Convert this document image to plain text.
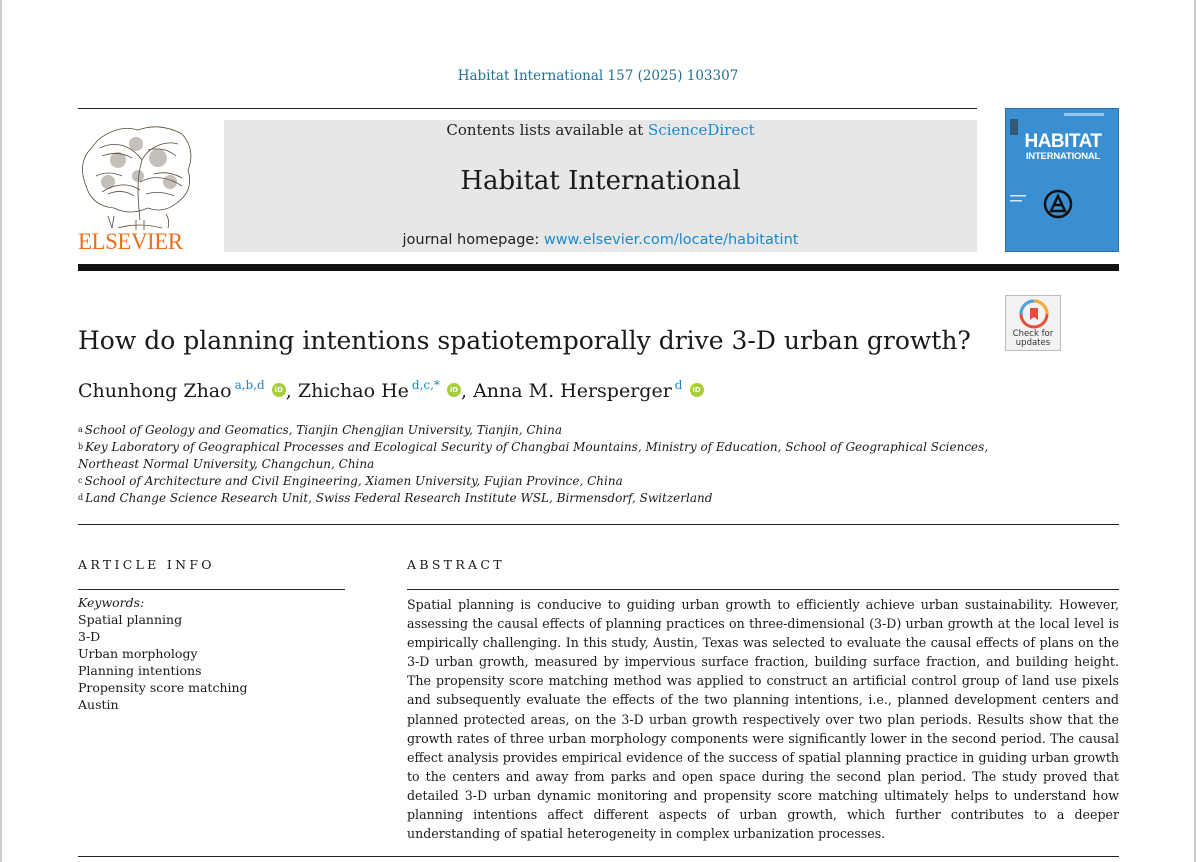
Habitat International 157 (2025) 103307
ELSEVIER
Contents lists available at ScienceDirect
Habitat International
journal homepage: www.elsevier.com/locate/habitatint
HABITAT
INTERNATIONAL
Check for
updates
How do planning intentions spatiotemporally drive 3-D urban growth?
Chunhong Zhao $^{a,b,d}$ iD , Zhichao He $^{d,c,*}$ iD , Anna M. Hersperger $^d$ iD

$^a$ School of Geology and Geomatics, Tianjin Chengjian University, Tianjin, China

$^b$ Key Laboratory of Geographical Processes and Ecological Security of Changbai Mountains, Ministry of Education, School of Geographical Sciences, Northeast Normal University, Changchun, China

$^c$ School of Architecture and Civil Engineering, Xiamen University, Fujian Province, China

$^d$ Land Change Science Research Unit, Swiss Federal Research Institute WSL, Birmensdorf, Switzerland

ARTICLE INFO	ABSTRACT
Keywords:
Spatial planning
3-D
Urban morphology
Planning intentions
Propensity score matching
Austin
Spatial planning is conducive to guiding urban growth to efficiently achieve urban sustainability. However, assessing the causal effects of planning practices on three-dimensional (3-D) urban growth at the local level is empirically challenging. In this study, Austin, Texas was selected to evaluate the causal effects of plans on the 3-D urban growth, measured by impervious surface fraction, building surface fraction, and building height. The propensity score matching method was applied to construct an artificial control group of land use pixels and subsequently evaluate the effects of the two planning intentions, i.e., planned development centers and planned protected areas, on the 3-D urban growth respectively over two plan periods. Results show that the growth rates of three urban morphology components were significantly lower in the second period. The causal effect analysis provides empirical evidence of the success of spatial planning practice in guiding urban growth to the centers and away from parks and open space during the second plan period. The study proved that detailed 3-D urban dynamic monitoring and propensity score matching ultimately helps to understand how planning intentions affect different aspects of urban growth, which further contributes to a deeper understanding of spatial heterogeneity in complex urbanization processes.
